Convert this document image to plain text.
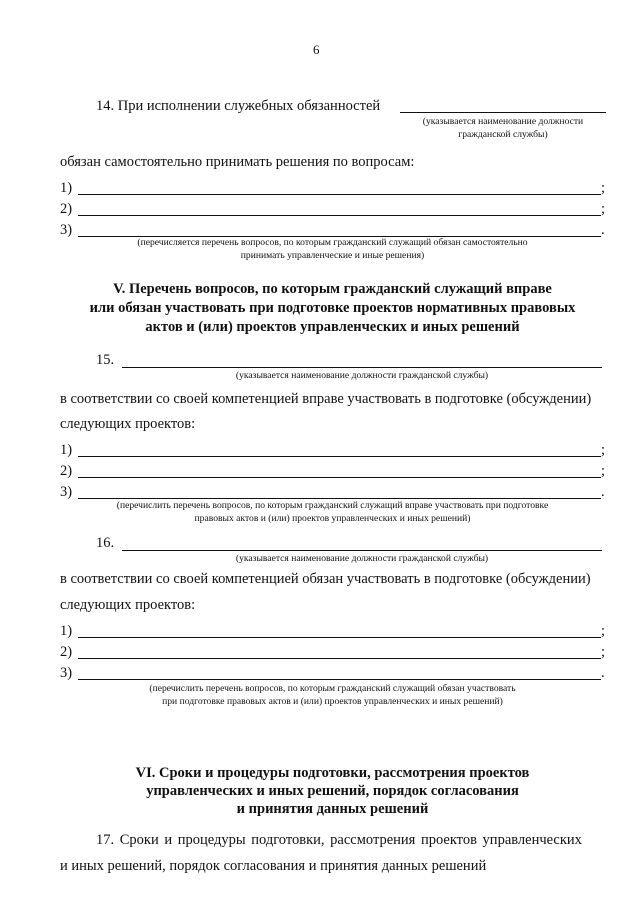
6
14. При исполнении служебных обязанностей
(указывается наименование должности
гражданской службы)
обязан самостоятельно принимать решения по вопросам:
1)	;
2)	;
3)	.
(перечисляется перечень вопросов, по которым гражданский служащий обязан самостоятельно
принимать управленческие и иные решения)
V. Перечень вопросов, по которым гражданский служащий вправе
или обязан участвовать при подготовке проектов нормативных правовых
актов и (или) проектов управленческих и иных решений
15.
(указывается наименование должности гражданской службы)
в соответствии со своей компетенцией вправе участвовать в подготовке (обсуждении)
следующих проектов:
1)	;
2)	;
3)	.
(перечислить перечень вопросов, по которым гражданский служащий вправе участвовать при подготовке
правовых актов и (или) проектов управленческих и иных решений)
16.
(указывается наименование должности гражданской службы)
в соответствии со своей компетенцией обязан участвовать в подготовке (обсуждении)
следующих проектов:
1)	;
2)	;
3)	.
(перечислить перечень вопросов, по которым гражданский служащий обязан участвовать
при подготовке правовых актов и (или) проектов управленческих и иных решений)
VI. Сроки и процедуры подготовки, рассмотрения проектов
управленческих и иных решений, порядок согласования
и принятия данных решений
17. Сроки и процедуры подготовки, рассмотрения проектов управленческих
и иных решений, порядок согласования и принятия данных решений
